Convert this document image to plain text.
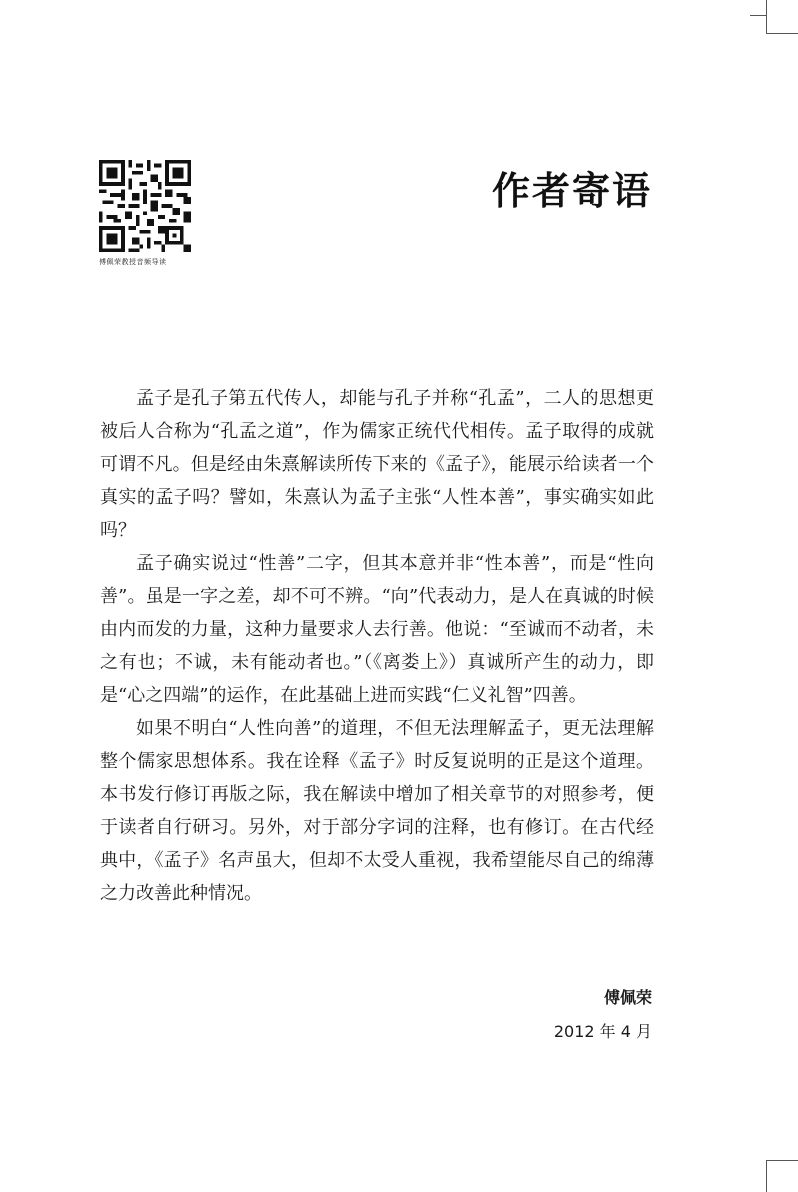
傅佩荣教授音频导读
作者寄语

孟子是孔子第五代传人，却能与孔子并称“孔孟”，二人的思想更被后人合称为“孔孟之道”，作为儒家正统代代相传。孟子取得的成就可谓不凡。但是经由朱熹解读所传下来的《孟子》，能展示给读者一个真实的孟子吗？譬如，朱熹认为孟子主张“人性本善”，事实确实如此吗？

孟子确实说过“性善”二字，但其本意并非“性本善”，而是“性向善”。虽是一字之差，却不可不辨。“向”代表动力，是人在真诚的时候由内而发的力量，这种力量要求人去行善。他说：“至诚而不动者，未之有也；不诚，未有能动者也。”（《离娄上》）真诚所产生的动力，即是“心之四端”的运作，在此基础上进而实践“仁义礼智”四善。

如果不明白“人性向善”的道理，不但无法理解孟子，更无法理解整个儒家思想体系。我在诠释《孟子》时反复说明的正是这个道理。本书发行修订再版之际，我在解读中增加了相关章节的对照参考，便于读者自行研习。另外，对于部分字词的注释，也有修订。在古代经典中，《孟子》名声虽大，但却不太受人重视，我希望能尽自己的绵薄之力改善此种情况。

傅佩荣
2012 年 4 月
